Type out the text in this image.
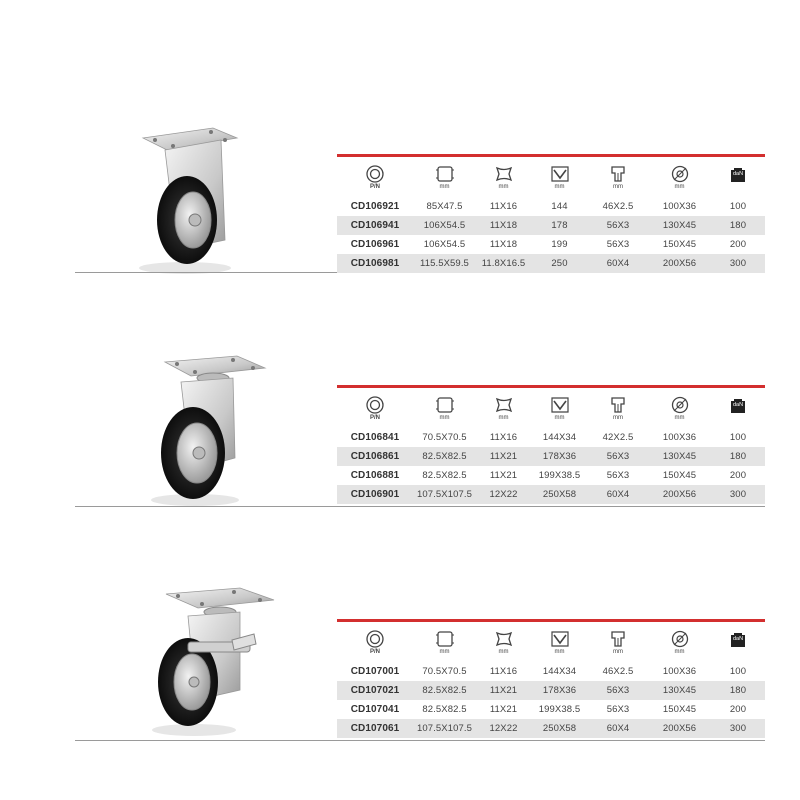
P/N	mm	mm	mm	mm	mm	daN

CD106921	85X47.5	11X16	144	46X2.5	100X36	100
CD106941	106X54.5	11X18	178	56X3	130X45	180
CD106961	106X54.5	11X18	199	56X3	150X45	200
CD106981	115.5X59.5	11.8X16.5	250	60X4	200X56	300
P/N	mm	mm	mm	mm	mm	daN

CD106841	70.5X70.5	11X16	144X34	42X2.5	100X36	100
CD106861	82.5X82.5	11X21	178X36	56X3	130X45	180
CD106881	82.5X82.5	11X21	199X38.5	56X3	150X45	200
CD106901	107.5X107.5	12X22	250X58	60X4	200X56	300
P/N	mm	mm	mm	mm	mm	daN

CD107001	70.5X70.5	11X16	144X34	46X2.5	100X36	100
CD107021	82.5X82.5	11X21	178X36	56X3	130X45	180
CD107041	82.5X82.5	11X21	199X38.5	56X3	150X45	200
CD107061	107.5X107.5	12X22	250X58	60X4	200X56	300
